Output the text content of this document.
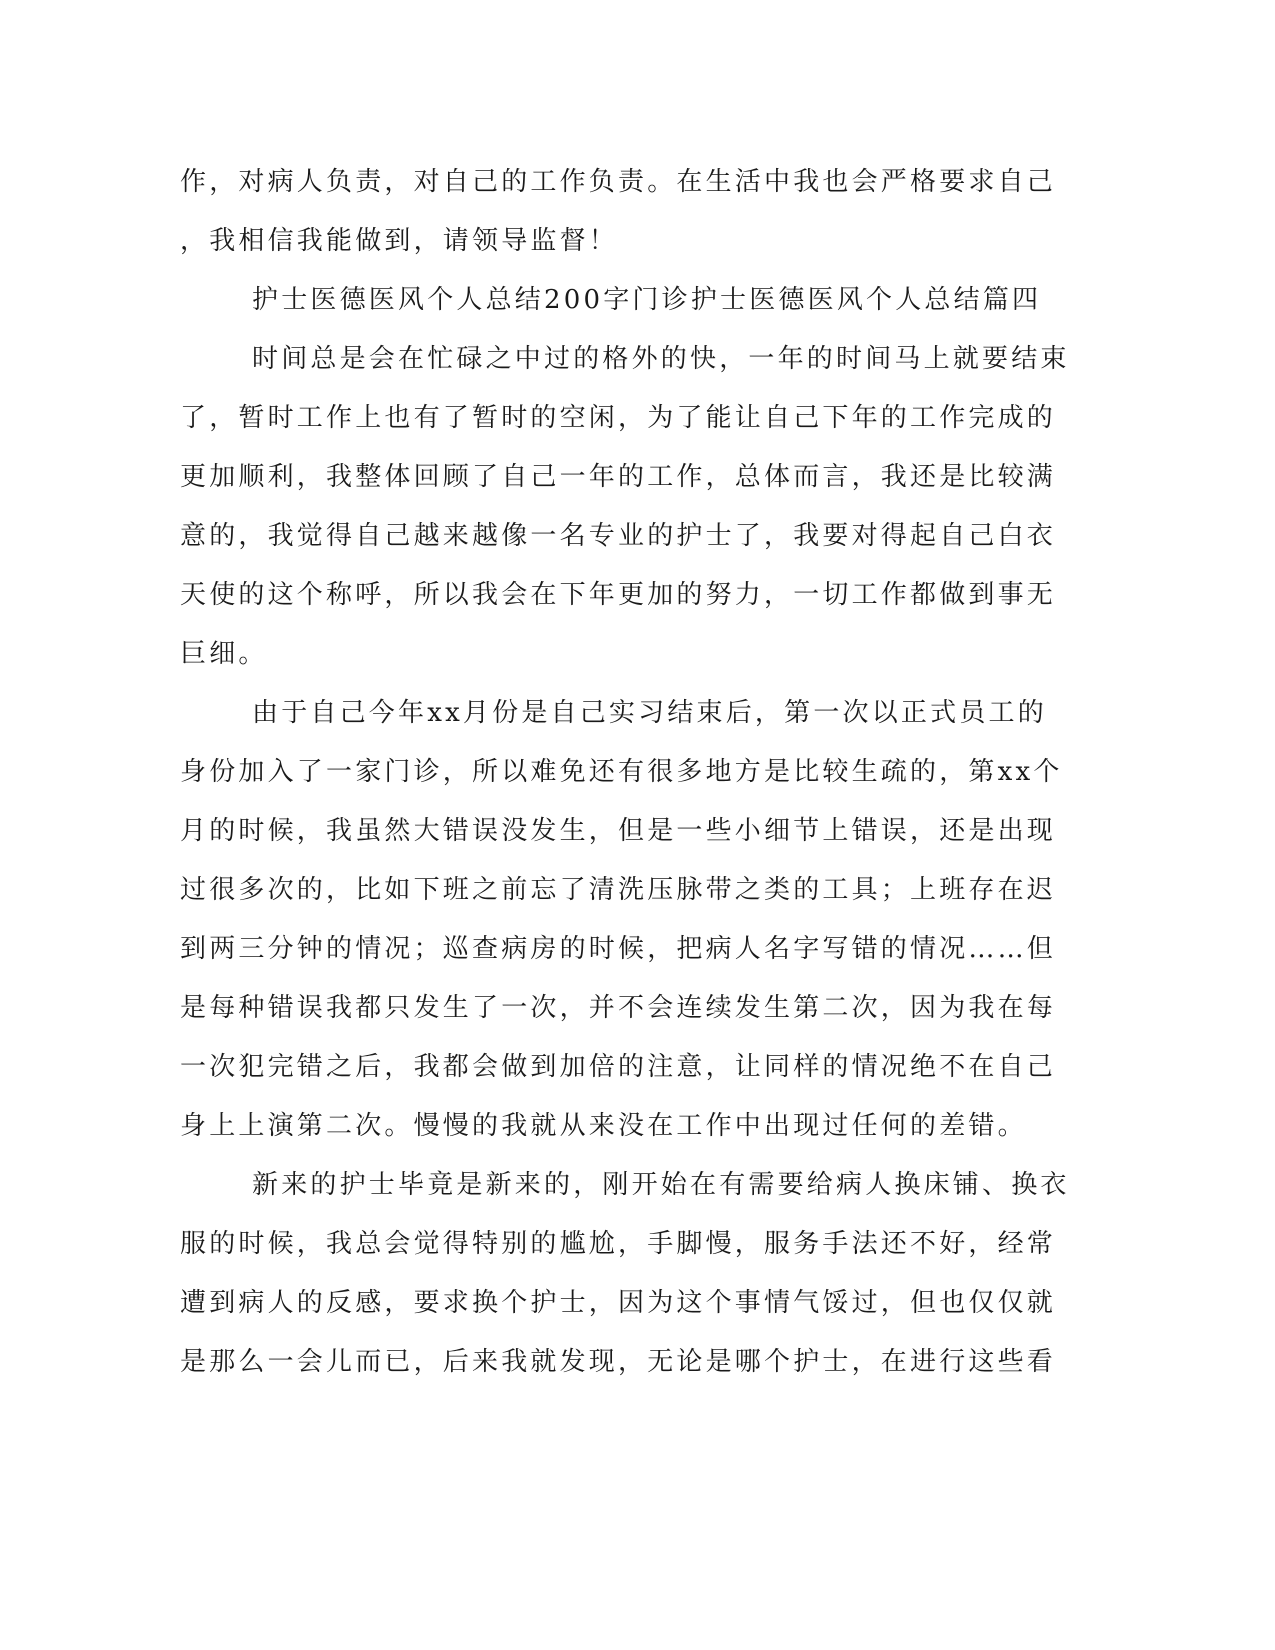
作，对病人负责，对自己的工作负责。在生活中我也会严格要求自己
，我相信我能做到，请领导监督！
护士医德医风个人总结200字门诊护士医德医风个人总结篇四
时间总是会在忙碌之中过的格外的快，一年的时间马上就要结束
了，暂时工作上也有了暂时的空闲，为了能让自己下年的工作完成的
更加顺利，我整体回顾了自己一年的工作，总体而言，我还是比较满
意的，我觉得自己越来越像一名专业的护士了，我要对得起自己白衣
天使的这个称呼，所以我会在下年更加的努力，一切工作都做到事无
巨细。
由于自己今年xx月份是自己实习结束后，第一次以正式员工的
身份加入了一家门诊，所以难免还有很多地方是比较生疏的，第xx个
月的时候，我虽然大错误没发生，但是一些小细节上错误，还是出现
过很多次的，比如下班之前忘了清洗压脉带之类的工具；上班存在迟
到两三分钟的情况；巡查病房的时候，把病人名字写错的情况……但
是每种错误我都只发生了一次，并不会连续发生第二次，因为我在每
一次犯完错之后，我都会做到加倍的注意，让同样的情况绝不在自己
身上上演第二次。慢慢的我就从来没在工作中出现过任何的差错。
新来的护士毕竟是新来的，刚开始在有需要给病人换床铺、换衣
服的时候，我总会觉得特别的尴尬，手脚慢，服务手法还不好，经常
遭到病人的反感，要求换个护士，因为这个事情气馁过，但也仅仅就
是那么一会儿而已，后来我就发现，无论是哪个护士，在进行这些看
